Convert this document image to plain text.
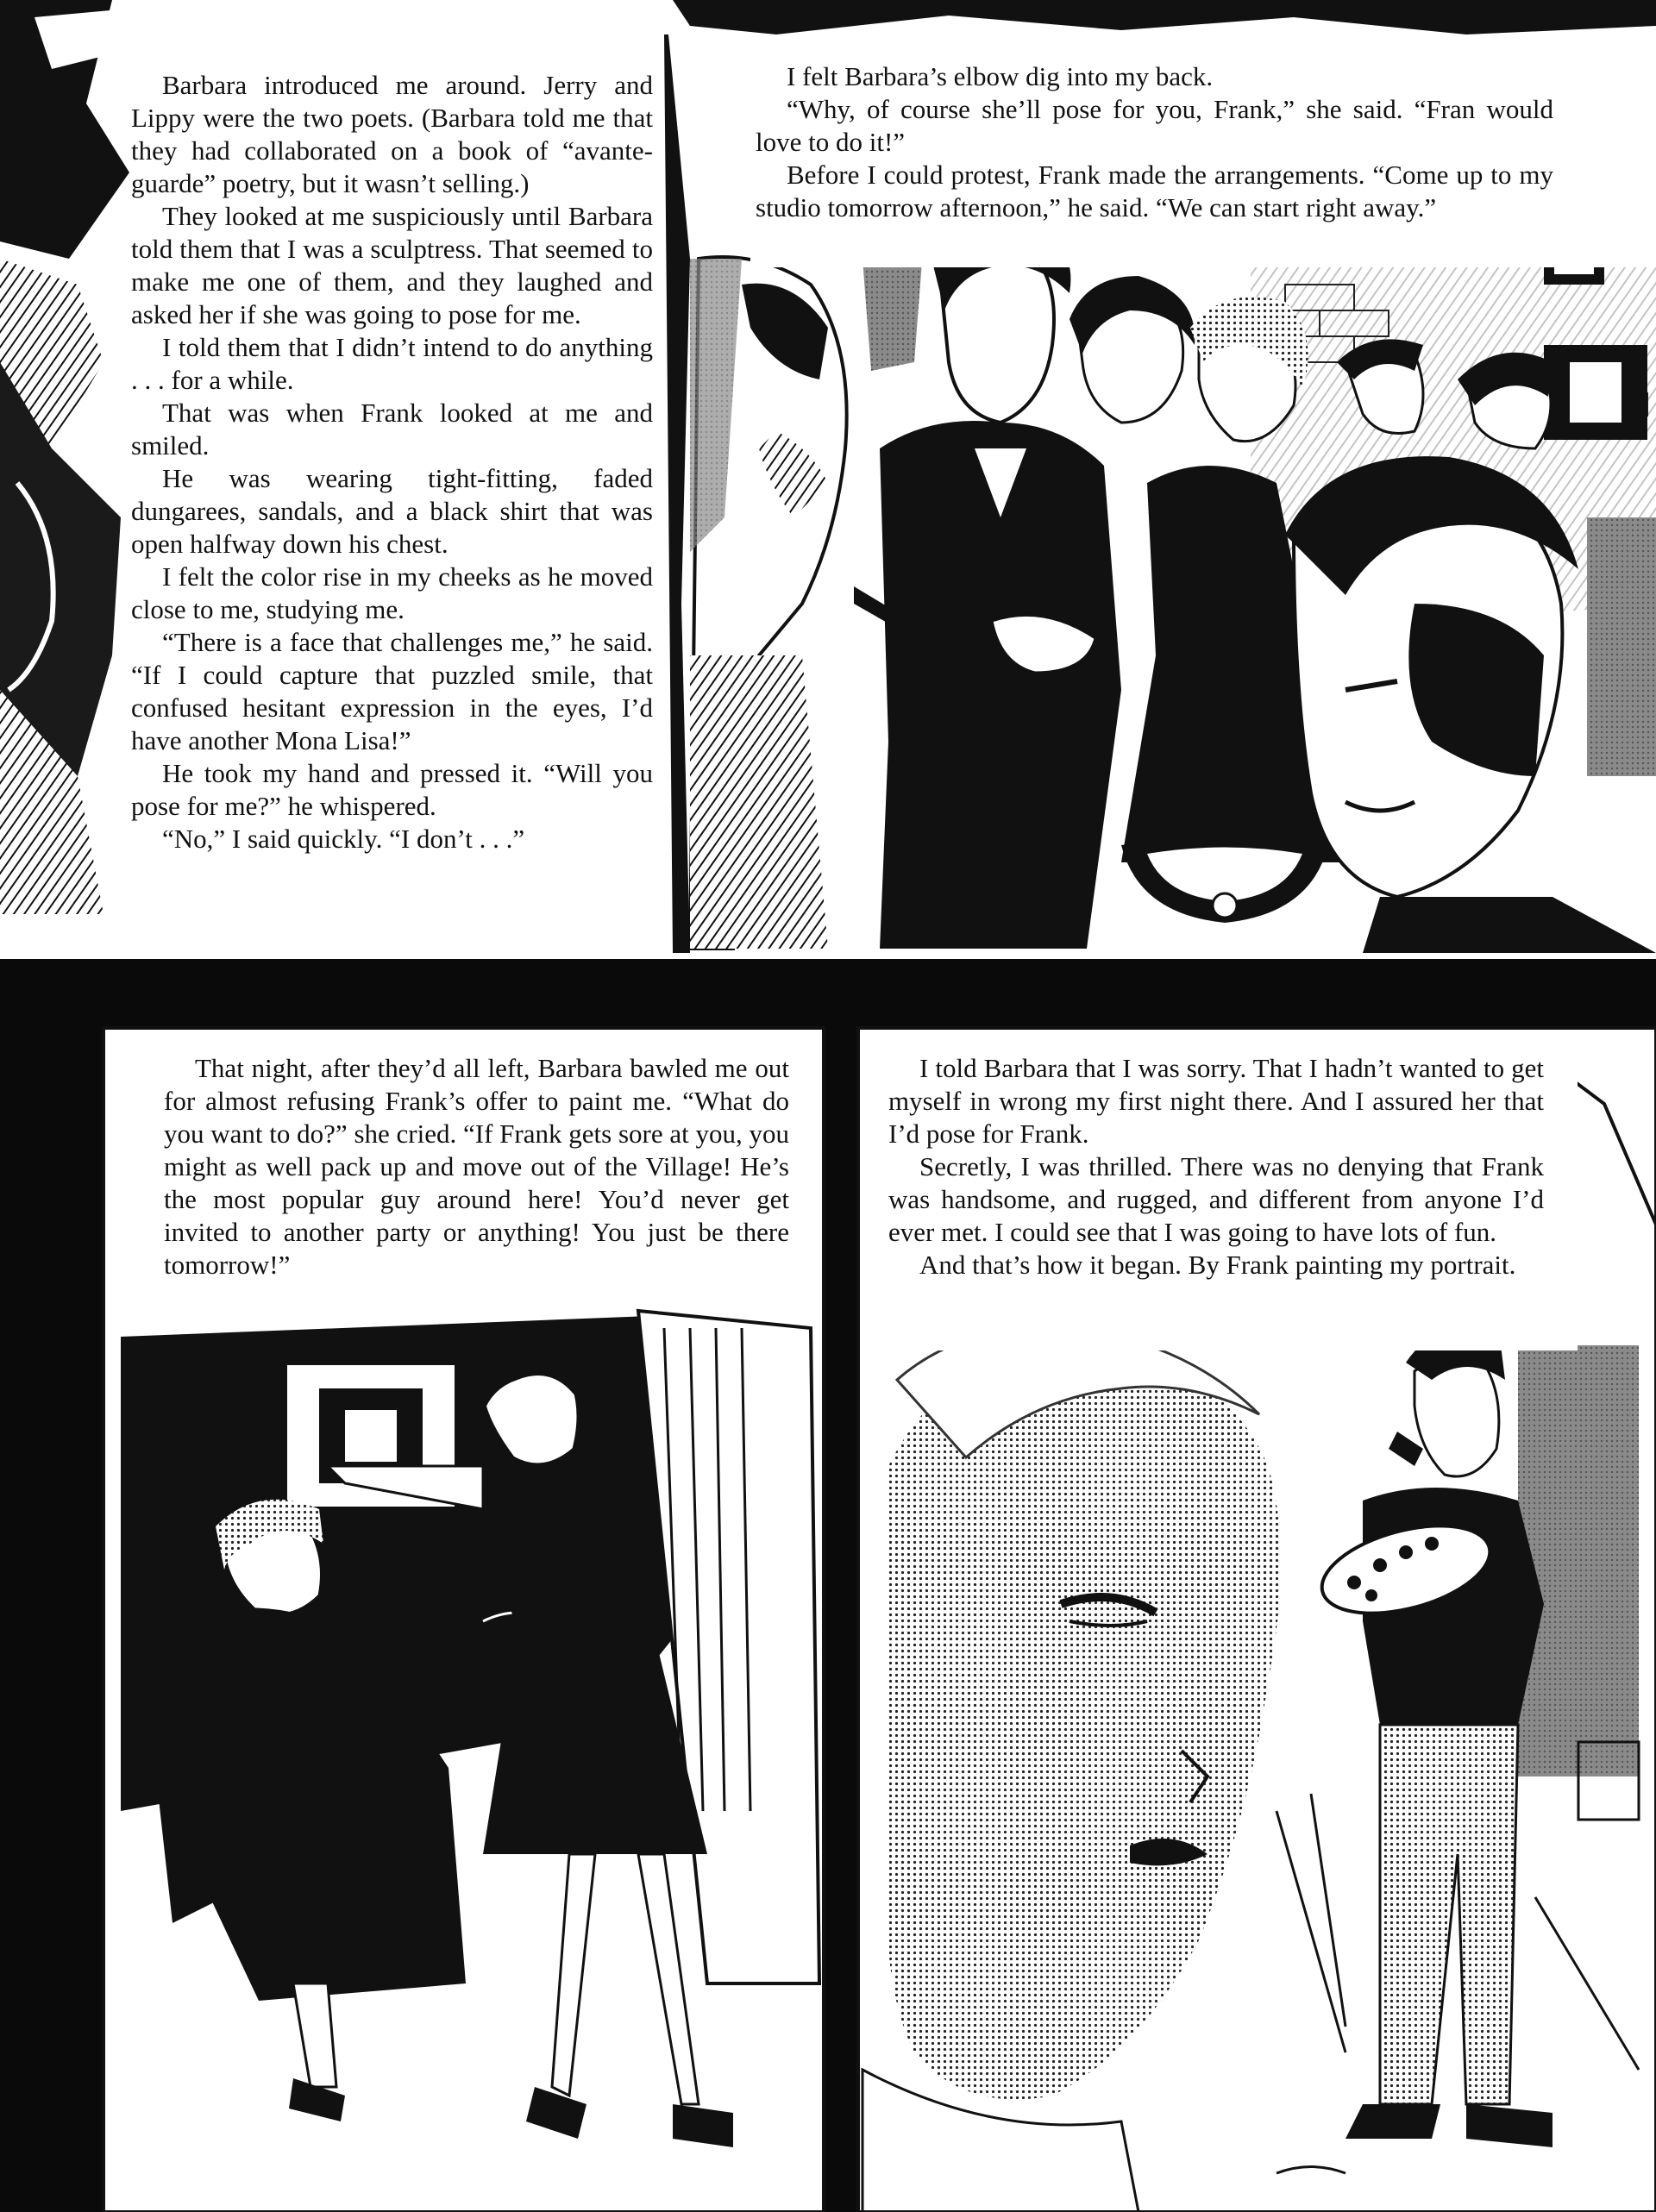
Barbara introduced me around. Jerry and Lippy were the two poets. (Barbara told me that they had collaborated on a book of “avante-guarde” poetry, but it wasn’t selling.)

They looked at me suspiciously until Barbara told them that I was a sculptress. That seemed to make me one of them, and they laughed and asked her if she was going to pose for me.

I told them that I didn’t intend to do anything . . . for a while.

That was when Frank looked at me and smiled.

He was wearing tight-fitting, faded dungarees, sandals, and a black shirt that was open halfway down his chest.

I felt the color rise in my cheeks as he moved close to me, studying me.

“There is a face that challenges me,” he said. “If I could capture that puzzled smile, that confused hesitant expression in the eyes, I’d have another Mona Lisa!”

He took my hand and pressed it. “Will you pose for me?” he whispered.

“No,” I said quickly. “I don’t . . .”

I felt Barbara’s elbow dig into my back.

“Why, of course she’ll pose for you, Frank,” she said. “Fran would love to do it!”

Before I could protest, Frank made the arrangements. “Come up to my studio tomorrow afternoon,” he said. “We can start right away.”

That night, after they’d all left, Barbara bawled me out for almost refusing Frank’s offer to paint me. “What do you want to do?” she cried. “If Frank gets sore at you, you might as well pack up and move out of the Village! He’s the most popular guy around here! You’d never get invited to another party or anything! You just be there tomorrow!”

I told Barbara that I was sorry. That I hadn’t wanted to get myself in wrong my first night there. And I assured her that I’d pose for Frank.

Secretly, I was thrilled. There was no denying that Frank was handsome, and rugged, and different from anyone I’d ever met. I could see that I was going to have lots of fun.

And that’s how it began. By Frank painting my portrait.
